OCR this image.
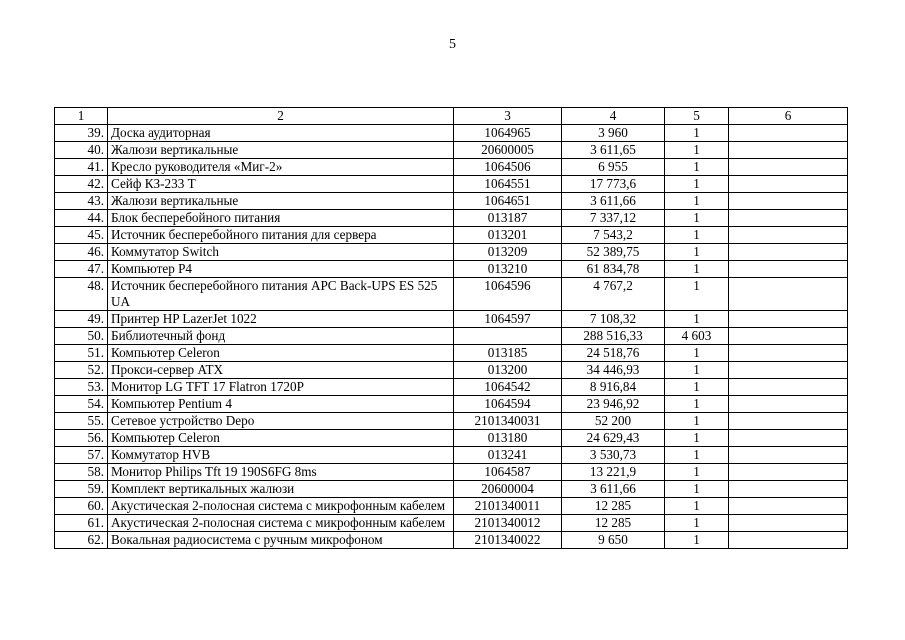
5
1	2	3	4	5	6
39.	Доска аудиторная	1064965	3 960	1	
40.	Жалюзи вертикальные	20600005	3 611,65	1	
41.	Кресло руководителя «Миг-2»	1064506	6 955	1	
42.	Сейф КЗ-233 Т	1064551	17 773,6	1	
43.	Жалюзи вертикальные	1064651	3 611,66	1	
44.	Блок бесперебойного питания	013187	7 337,12	1	
45.	Источник бесперебойного питания для сервера	013201	7 543,2	1	
46.	Коммутатор Switch	013209	52 389,75	1	
47.	Компьютер P4	013210	61 834,78	1	
48.	Источник бесперебойного питания APC Back-UPS ES 525 UA	1064596	4 767,2	1	
49.	Принтер HP LazerJet 1022	1064597	7 108,32	1	
50.	Библиотечный фонд		288 516,33	4 603	
51.	Компьютер Celeron	013185	24 518,76	1	
52.	Прокси-сервер ATX	013200	34 446,93	1	
53.	Монитор LG TFT 17 Flatron 1720P	1064542	8 916,84	1	
54.	Компьютер Pentium 4	1064594	23 946,92	1	
55.	Сетевое устройство Depo	2101340031	52 200	1	
56.	Компьютер Celeron	013180	24 629,43	1	
57.	Коммутатор HVB	013241	3 530,73	1	
58.	Монитор Philips Tft 19 190S6FG 8ms	1064587	13 221,9	1	
59.	Комплект вертикальных жалюзи	20600004	3 611,66	1	
60.	Акустическая 2-полосная система с микрофонным кабелем	2101340011	12 285	1	
61.	Акустическая 2-полосная система с микрофонным кабелем	2101340012	12 285	1	
62.	Вокальная радиосистема с ручным микрофоном	2101340022	9 650	1	
